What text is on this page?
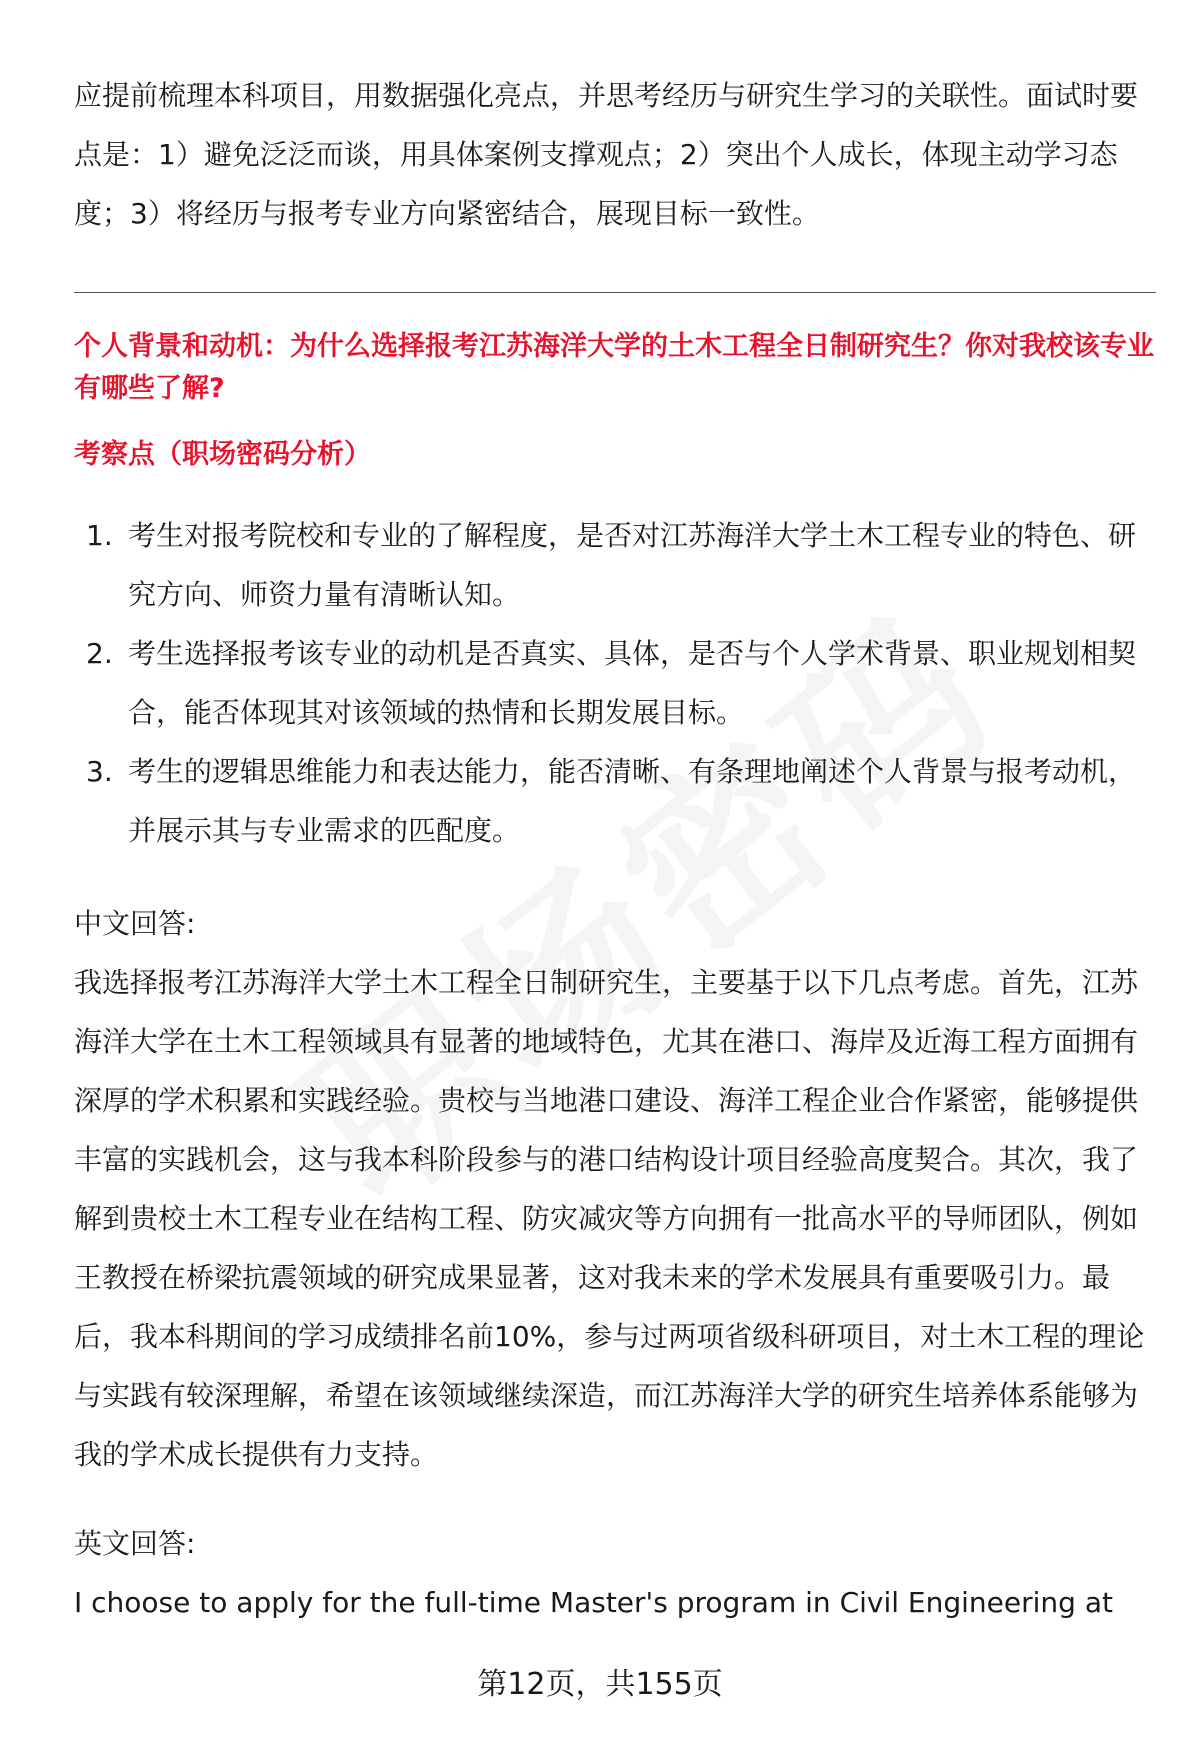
应提前梳理本科项目，用数据强化亮点，并思考经历与研究生学习的关联性。面试时要点是：1）避免泛泛而谈，用具体案例支撑观点；2）突出个人成长，体现主动学习态度；3）将经历与报考专业方向紧密结合，展现目标一致性。

个人背景和动机：为什么选择报考江苏海洋大学的土木工程全日制研究生？你对我校该专业有哪些了解?

考察点（职场密码分析）

1. 考生对报考院校和专业的了解程度，是否对江苏海洋大学土木工程专业的特色、研究方向、师资力量有清晰认知。
2. 考生选择报考该专业的动机是否真实、具体，是否与个人学术背景、职业规划相契合，能否体现其对该领域的热情和长期发展目标。
3. 考生的逻辑思维能力和表达能力，能否清晰、有条理地阐述个人背景与报考动机，并展示其与专业需求的匹配度。

中文回答:

我选择报考江苏海洋大学土木工程全日制研究生，主要基于以下几点考虑。首先，江苏海洋大学在土木工程领域具有显著的地域特色，尤其在港口、海岸及近海工程方面拥有深厚的学术积累和实践经验。贵校与当地港口建设、海洋工程企业合作紧密，能够提供丰富的实践机会，这与我本科阶段参与的港口结构设计项目经验高度契合。其次，我了解到贵校土木工程专业在结构工程、防灾减灾等方向拥有一批高水平的导师团队，例如王教授在桥梁抗震领域的研究成果显著，这对我未来的学术发展具有重要吸引力。最后，我本科期间的学习成绩排名前10%，参与过两项省级科研项目，对土木工程的理论与实践有较深理解，希望在该领域继续深造，而江苏海洋大学的研究生培养体系能够为我的学术成长提供有力支持。

英文回答:

I choose to apply for the full-time Master's program in Civil Engineering at

第12页，共155页
